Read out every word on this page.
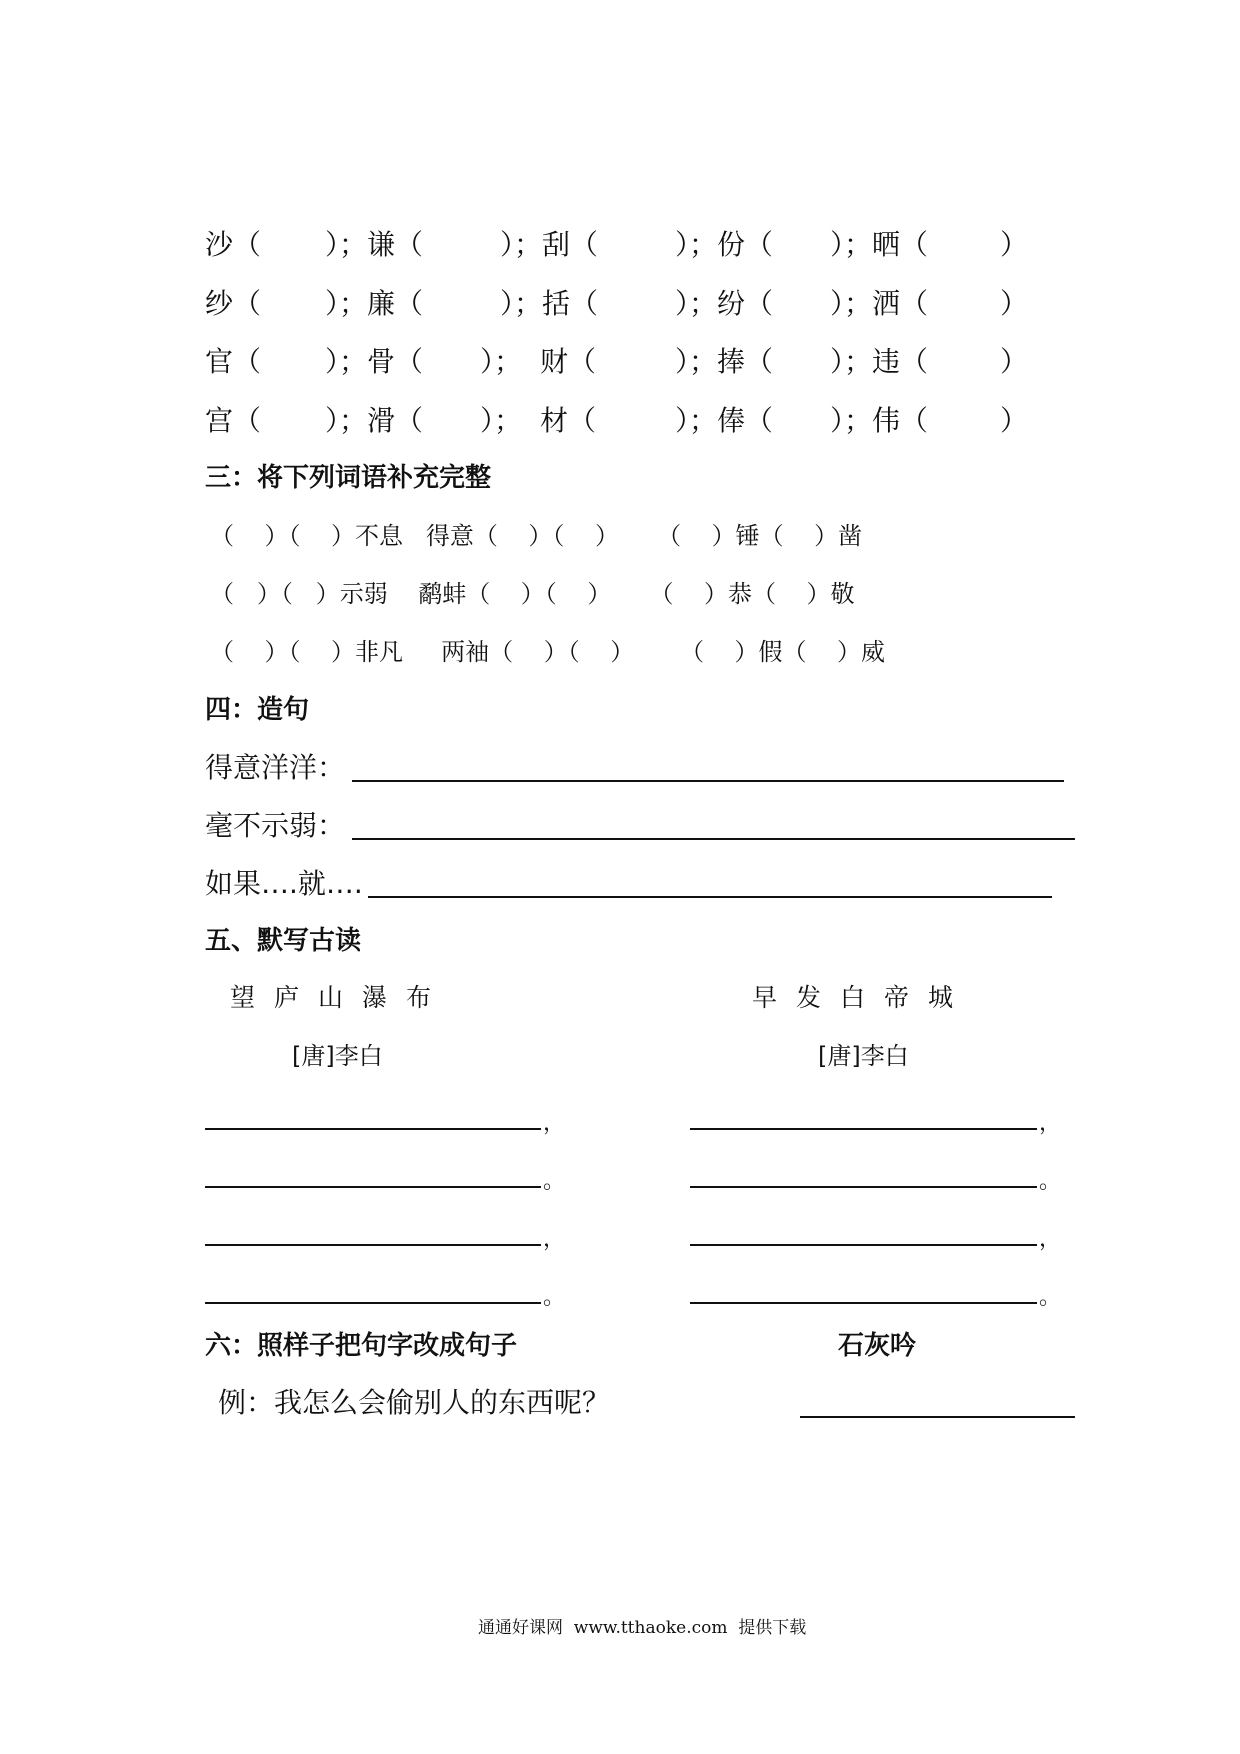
沙（ ）；谦（	）；刮（	）；份（ ）；晒（	）
纱（ ）；廉（	）；括（	）；纷（ ）；洒（	）
官（ ）；骨（ ）； 财（	）；捧（ ）；违（	）
宫（ ）；滑（ ）； 材（	）；俸（ ）；伟（	）
三：将下列词语补充完整
（    ）（    ）不息   得意（    ）（    ）     （    ）锤（    ）凿
（   ）（   ）示弱    鹬蚌（    ）（    ）     （    ）恭（    ）敬
（    ）（    ）非凡     两袖（    ）（    ）      （    ）假（    ）威
四：造句
得意洋洋：
毫不示弱：
如果….就….
五、默写古读
望庐山瀑布
[唐]李白
早发白帝城
[唐]李白
，
。
，
。
，
。
，
。
六：照样子把句字改成句子	石灰吟
例：我怎么会偷别人的东西呢？
通通好课网  www.tthaoke.com  提供下载
